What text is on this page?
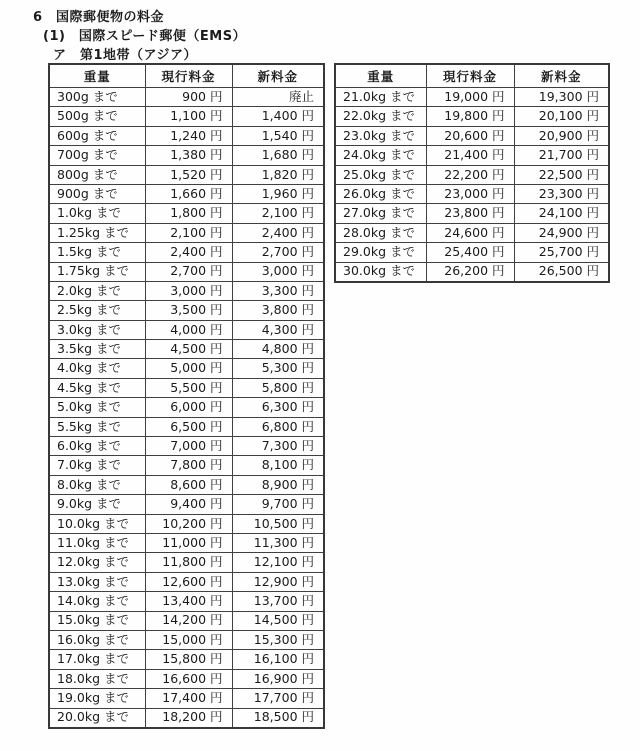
6　国際郵便物の料金
(1)　国際スピード郵便（EMS）
ア　第1地帯（アジア）
重量	現行料金	新料金
300g まで	900 円	廃止
500g まで	1,100 円	1,400 円
600g まで	1,240 円	1,540 円
700g まで	1,380 円	1,680 円
800g まで	1,520 円	1,820 円
900g まで	1,660 円	1,960 円
1.0kg まで	1,800 円	2,100 円
1.25kg まで	2,100 円	2,400 円
1.5kg まで	2,400 円	2,700 円
1.75kg まで	2,700 円	3,000 円
2.0kg まで	3,000 円	3,300 円
2.5kg まで	3,500 円	3,800 円
3.0kg まで	4,000 円	4,300 円
3.5kg まで	4,500 円	4,800 円
4.0kg まで	5,000 円	5,300 円
4.5kg まで	5,500 円	5,800 円
5.0kg まで	6,000 円	6,300 円
5.5kg まで	6,500 円	6,800 円
6.0kg まで	7,000 円	7,300 円
7.0kg まで	7,800 円	8,100 円
8.0kg まで	8,600 円	8,900 円
9.0kg まで	9,400 円	9,700 円
10.0kg まで	10,200 円	10,500 円
11.0kg まで	11,000 円	11,300 円
12.0kg まで	11,800 円	12,100 円
13.0kg まで	12,600 円	12,900 円
14.0kg まで	13,400 円	13,700 円
15.0kg まで	14,200 円	14,500 円
16.0kg まで	15,000 円	15,300 円
17.0kg まで	15,800 円	16,100 円
18.0kg まで	16,600 円	16,900 円
19.0kg まで	17,400 円	17,700 円
20.0kg まで	18,200 円	18,500 円
重量	現行料金	新料金
21.0kg まで	19,000 円	19,300 円
22.0kg まで	19,800 円	20,100 円
23.0kg まで	20,600 円	20,900 円
24.0kg まで	21,400 円	21,700 円
25.0kg まで	22,200 円	22,500 円
26.0kg まで	23,000 円	23,300 円
27.0kg まで	23,800 円	24,100 円
28.0kg まで	24,600 円	24,900 円
29.0kg まで	25,400 円	25,700 円
30.0kg まで	26,200 円	26,500 円
